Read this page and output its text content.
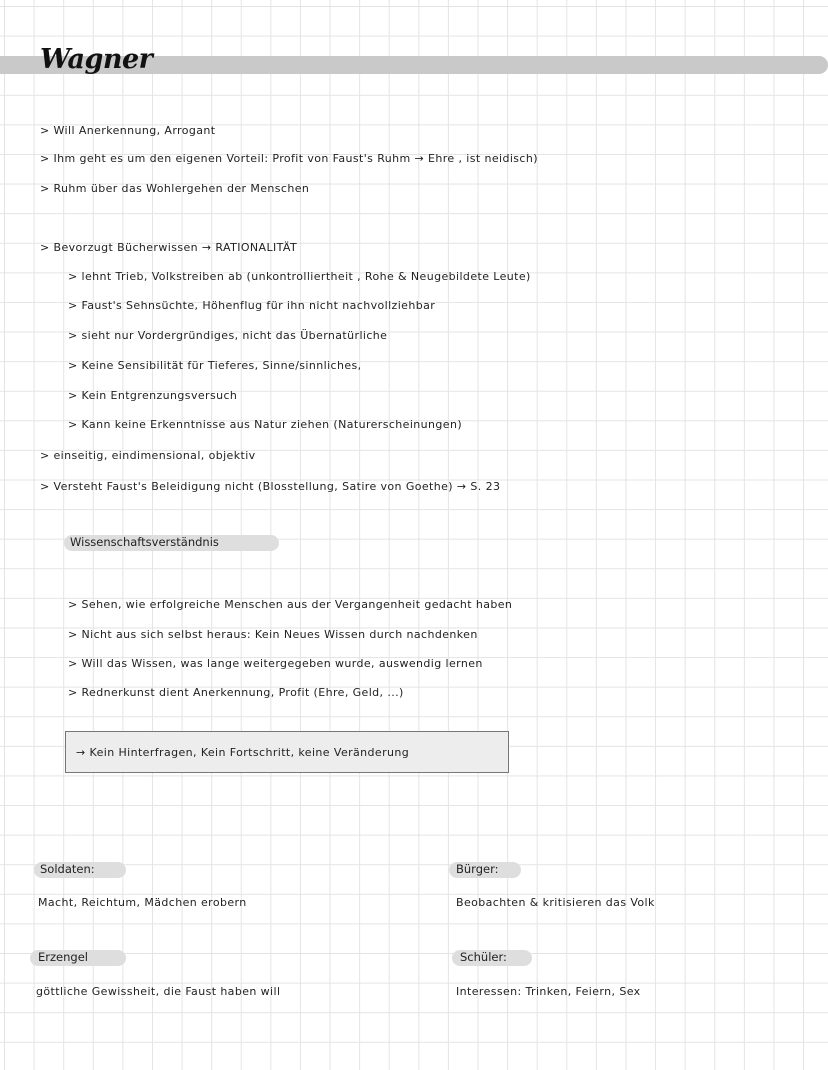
Wagner
> Will Anerkennung, Arrogant
> Ihm geht es um den eigenen Vorteil: Profit von Faust's Ruhm → Ehre , ist neidisch)
> Ruhm über das Wohlergehen der Menschen
> Bevorzugt Bücherwissen → RATIONALITÄT
> lehnt Trieb, Volkstreiben ab (unkontrolliertheit , Rohe & Neugebildete Leute)
> Faust's Sehnsüchte, Höhenflug für ihn nicht nachvollziehbar
> sieht nur Vordergründiges, nicht das Übernatürliche
> Keine Sensibilität für Tieferes, Sinne/sinnliches,
> Kein Entgrenzungsversuch
> Kann keine Erkenntnisse aus Natur ziehen (Naturerscheinungen)
> einseitig, eindimensional, objektiv
> Versteht Faust's Beleidigung nicht (Blosstellung, Satire von Goethe) → S. 23
Wissenschaftsverständnis
> Sehen, wie erfolgreiche Menschen aus der Vergangenheit gedacht haben
> Nicht aus sich selbst heraus: Kein Neues Wissen durch nachdenken
> Will das Wissen, was lange weitergegeben wurde, auswendig lernen
> Rednerkunst dient Anerkennung, Profit (Ehre, Geld, ...)
→ Kein Hinterfragen, Kein Fortschritt, keine Veränderung
Soldaten:
Macht, Reichtum, Mädchen erobern
Bürger:
Beobachten & kritisieren das Volk
Erzengel
göttliche Gewissheit, die Faust haben will
Schüler:
Interessen: Trinken, Feiern, Sex
